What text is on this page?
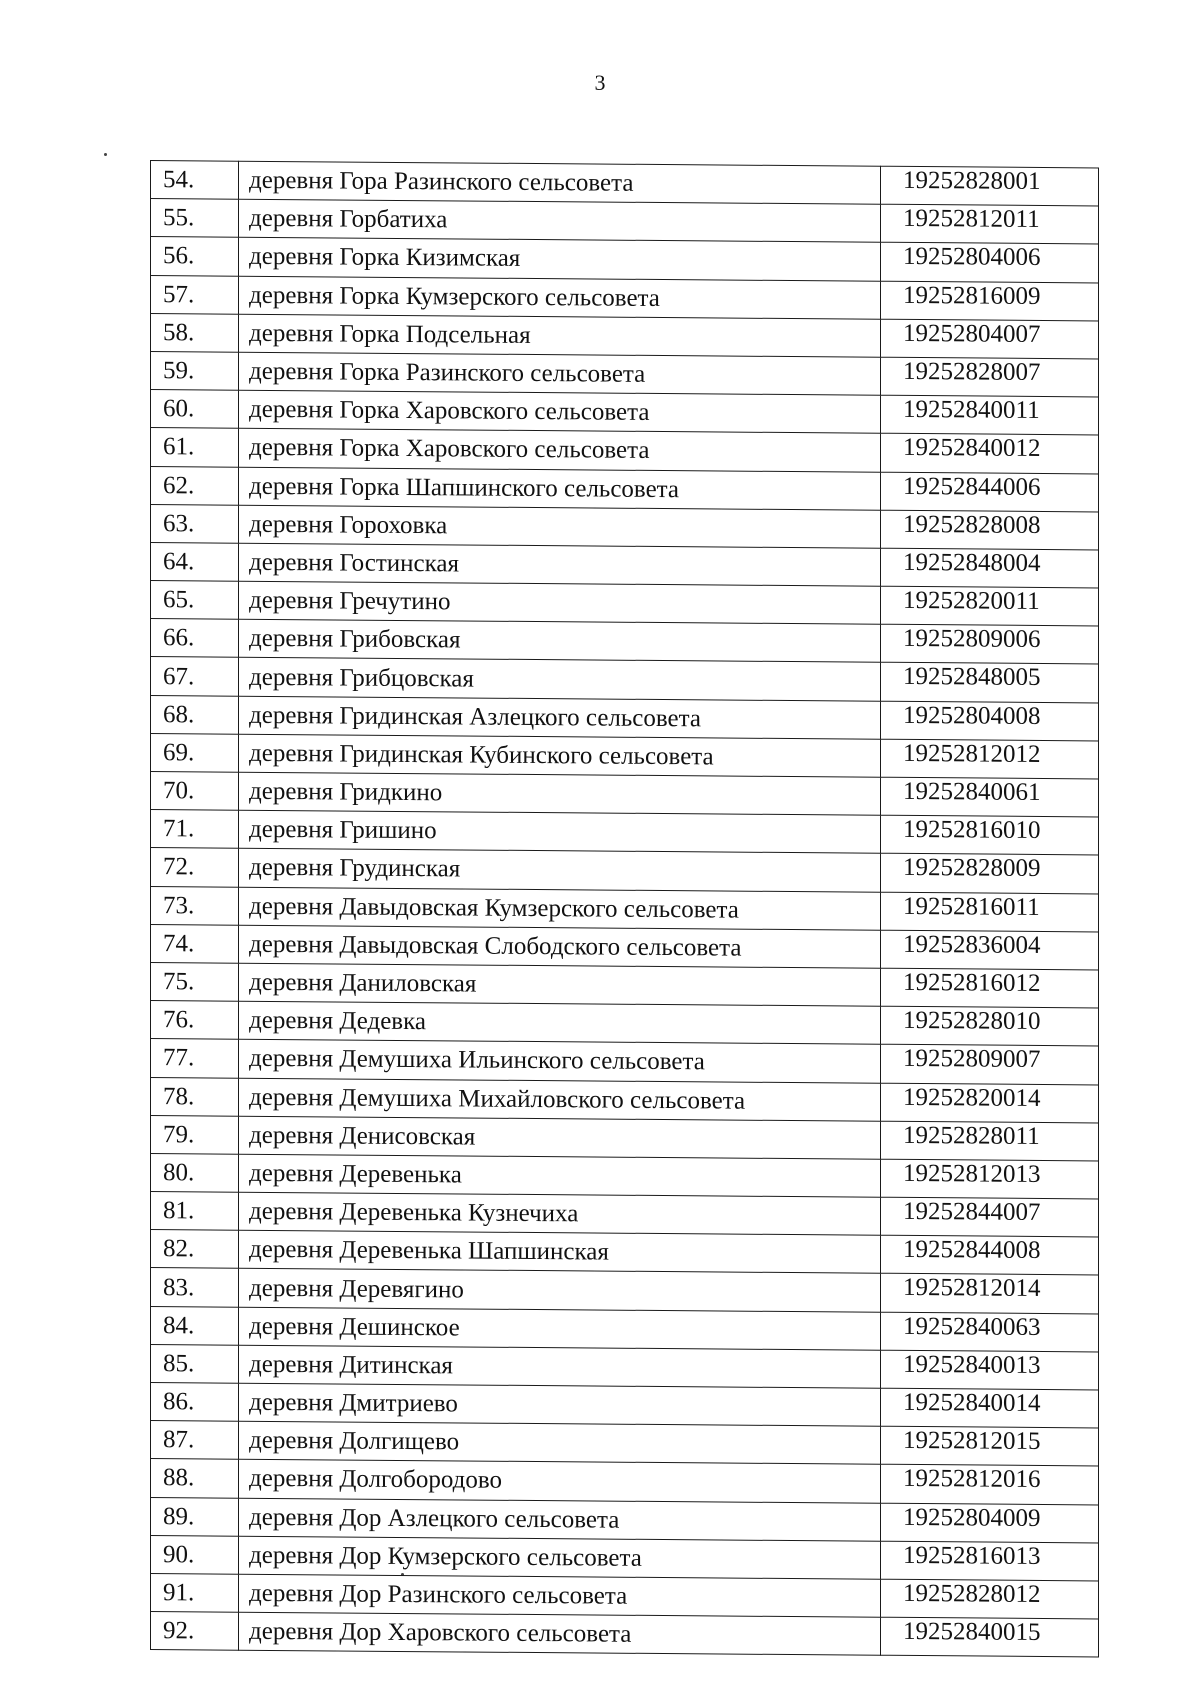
3
54.	деревня Гора Разинского сельсовета	19252828001
55.	деревня Горбатиха	19252812011
56.	деревня Горка Кизимская	19252804006
57.	деревня Горка Кумзерского сельсовета	19252816009
58.	деревня Горка Подсельная	19252804007
59.	деревня Горка Разинского сельсовета	19252828007
60.	деревня Горка Харовского сельсовета	19252840011
61.	деревня Горка Харовского сельсовета	19252840012
62.	деревня Горка Шапшинского сельсовета	19252844006
63.	деревня Гороховка	19252828008
64.	деревня Гостинская	19252848004
65.	деревня Гречутино	19252820011
66.	деревня Грибовская	19252809006
67.	деревня Грибцовская	19252848005
68.	деревня Гридинская Азлецкого сельсовета	19252804008
69.	деревня Гридинская Кубинского сельсовета	19252812012
70.	деревня Гридкино	19252840061
71.	деревня Гришино	19252816010
72.	деревня Грудинская	19252828009
73.	деревня Давыдовская Кумзерского сельсовета	19252816011
74.	деревня Давыдовская Слободского сельсовета	19252836004
75.	деревня Даниловская	19252816012
76.	деревня Дедевка	19252828010
77.	деревня Демушиха Ильинского сельсовета	19252809007
78.	деревня Демушиха Михайловского сельсовета	19252820014
79.	деревня Денисовская	19252828011
80.	деревня Деревенька	19252812013
81.	деревня Деревенька Кузнечиха	19252844007
82.	деревня Деревенька Шапшинская	19252844008
83.	деревня Деревягино	19252812014
84.	деревня Дешинское	19252840063
85.	деревня Дитинская	19252840013
86.	деревня Дмитриево	19252840014
87.	деревня Долгищево	19252812015
88.	деревня Долгобородово	19252812016
89.	деревня Дор Азлецкого сельсовета	19252804009
90.	деревня Дор Кумзерского сельсовета	19252816013
91.	деревня Дор Разинского сельсовета	19252828012
92.	деревня Дор Харовского сельсовета	19252840015
